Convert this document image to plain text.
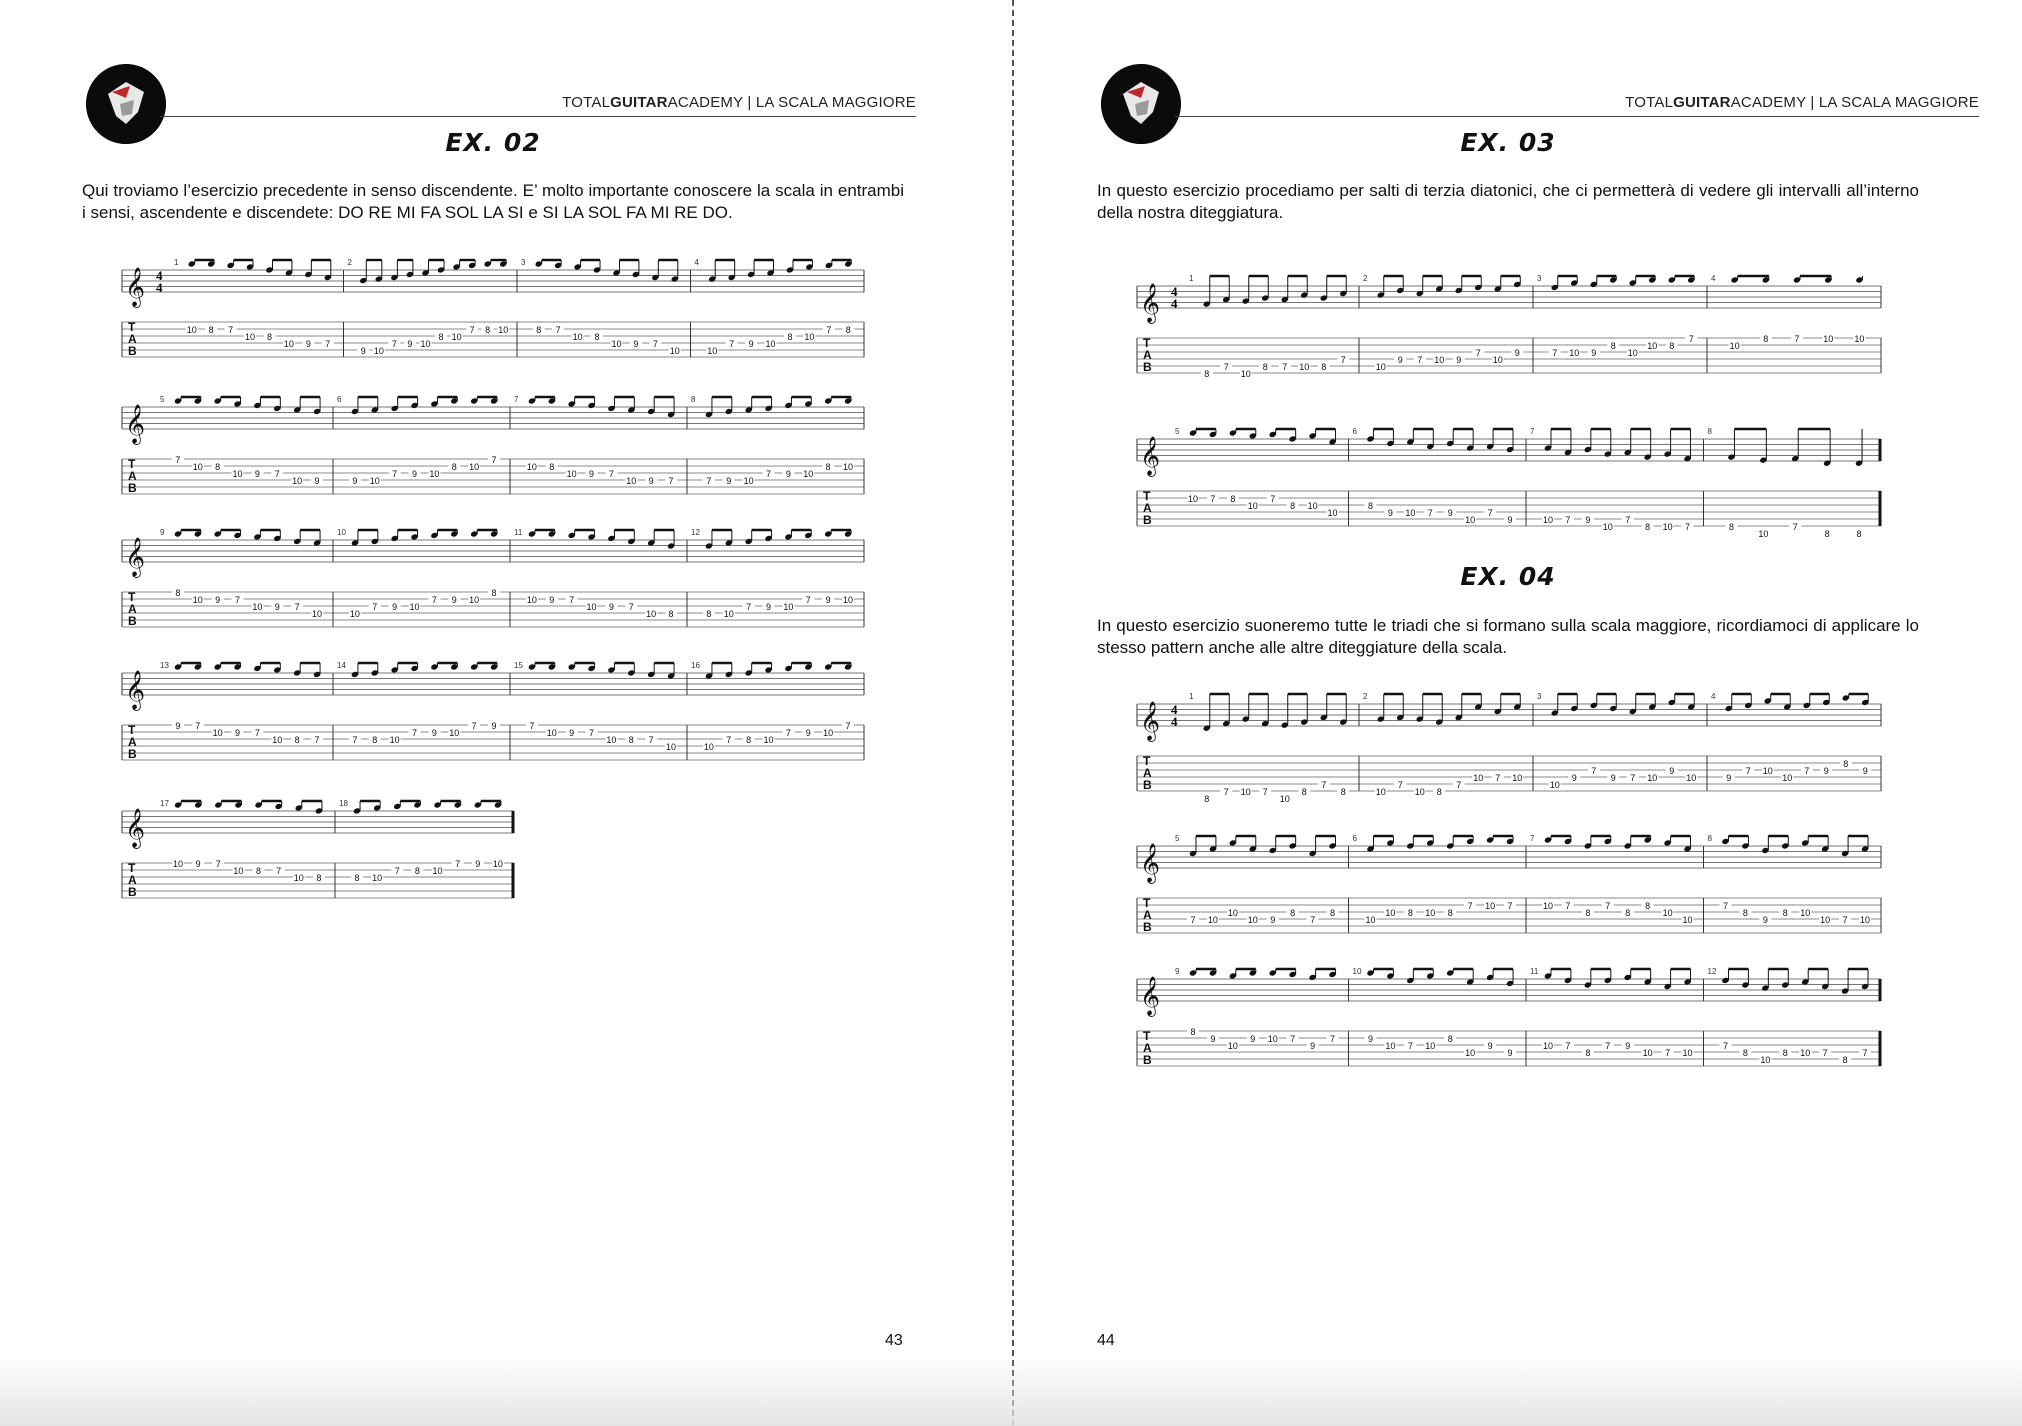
TOTALGUITARACADEMY | LA SCALA MAGGIORE
EX. 02
Qui troviamo l’esercizio precedente in senso discendente. E’ molto importante conoscere la scala in entrambi i sensi, ascendente e discendete: DO RE MI FA SOL LA SI e SI LA SOL FA MI RE DO.
43
TOTALGUITARACADEMY | LA SCALA MAGGIORE
EX. 03
In questo esercizio procediamo per salti di terzia diatonici, che ci permetterà di vedere gli intervalli all’interno della nostra diteggiatura.
EX. 04
In questo esercizio suoneremo tutte le triadi che si formano sulla scala maggiore, ricordiamoci di applicare lo stesso pattern anche alle altre diteggiature della scala.
44
𝄞
T
A
B
4
4
1
10 8 7
10 8
10 9 7
2
9 10
7 9 10
8 10
7 8 10
3
8 7
10 8
10 9 7
10
4
10
7 9 10
8 10
7 8
𝄞
T
A
B
5
7
10 8
10 9 7
10 9
6
9 10
7 9 10
8 10
7
7
10 8
10 9 7
10 9 7
8
7 9 10
7 9 10
8 10
𝄞
T
A
B
9
8
10 9 7
10 9 7
10
10
10
7 9 10
7 9 10
8
11
10 9 7
10 9 7
10 8
12
8 10
7 9 10
7 9 10
𝄞
T
A
B
13
9 7
10 9 7
10 8 7
14
7 8 10
7 9 10
7 9
15
7
10 9 7
10 8 7
10
16
10
7 8 10
7 9 10
7
𝄞
T
A
B
17
10 9 7
10 8 7
10 8
18
8 10
7 8 10
7 9 10
𝄞
T
A
B
4
4
1
8
7
10
8 7 10 8
7
2
10
9 7 10 9
7
10
9
3
7 10 9
8
10
10 8
7
4
10
8	7	10 10
𝄞
T
A
B
5
10 7 8
10
7
8 10
10
6
8
9 10 7 9
10
7
9
7
10 7 9
10
7
8 10 7
8
8
10
7
8	8
𝄞
T
A
B
4
4
1
8
7 10 7
10
8
7
8
2
10
7
10 8
7
10 7 10
3
10
9
7
9 7 10
9
10
4
9
7 10
10
7 9
8
9
𝄞
T
A
B
5
7 10
10
10 9
8
7
8
6
10
10 8 10 8
7 10 7
7
10 7
8
7
8
8
10
10
8
7
8
9
8 10
10 7 10
𝄞
T
A
B
9
8
9
10
9 10 7
9
7
10
9
10 7 10
8
10
9
9
11
10 7
8
7 9
10 7 10
12
7
8
10
8 10 7
8
7
